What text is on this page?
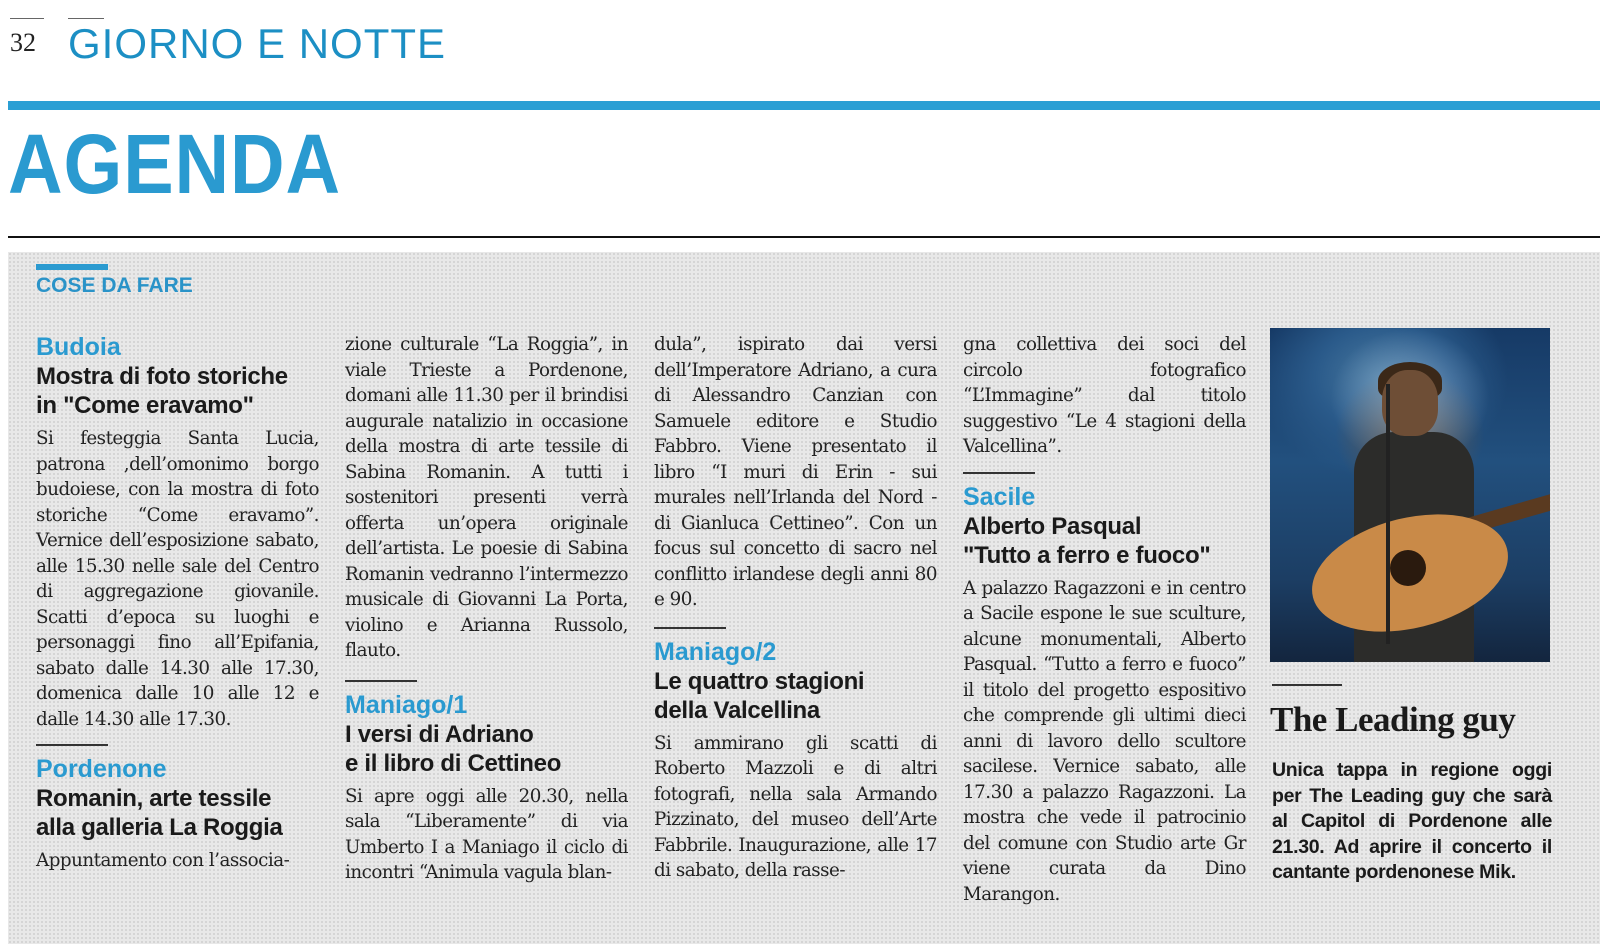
32 GIORNO E NOTTE
AGENDA
COSE DA FARE

Budoia

Mostra di foto storiche
in "Come eravamo"

Si festeggia Santa Lucia, patrona ,dell’omonimo borgo budoiese, con la mostra di foto storiche “Come eravamo”. Vernice dell’esposizione sabato, alle 15.30 nelle sale del Centro di aggregazione giovanile. Scatti d’epoca su luoghi e personaggi fino all’Epifania, sabato dalle 14.30 alle 17.30, domenica dalle 10 alle 12 e dalle 14.30 alle 17.30.

Pordenone

Romanin, arte tessile
alla galleria La Roggia

Appuntamento con l’associa-

zione culturale “La Roggia”, in viale Trieste a Pordenone, domani alle 11.30 per il brindisi augurale natalizio in occasione della mostra di arte tessile di Sabina Romanin. A tutti i sostenitori presenti verrà offerta un’opera originale dell’artista. Le poesie di Sabina Romanin vedranno l’intermezzo musicale di Giovanni La Porta, violino e Arianna Russolo, flauto.

Maniago/1

I versi di Adriano
e il libro di Cettineo

Si apre oggi alle 20.30, nella sala “Liberamente” di via Umberto I a Maniago il ciclo di incontri “Animula vagula blan-

dula”, ispirato dai versi dell’Imperatore Adriano, a cura di Alessandro Canzian con Samuele editore e Studio Fabbro. Viene presentato il libro “I muri di Erin - sui murales nell’Irlanda del Nord - di Gianluca Cettineo”. Con un focus sul concetto di sacro nel conflitto irlandese degli anni 80 e 90.

Maniago/2

Le quattro stagioni
della Valcellina

Si ammirano gli scatti di Roberto Mazzoli e di altri fotografi, nella sala Armando Pizzinato, del museo dell’Arte Fabbrile. Inaugurazione, alle 17 di sabato, della rasse-

gna collettiva dei soci del circolo fotografico “L’Immagine” dal titolo suggestivo “Le 4 stagioni della Valcellina”.

Sacile

Alberto Pasqual
"Tutto a ferro e fuoco"

A palazzo Ragazzoni e in centro a Sacile espone le sue sculture, alcune monumentali, Alberto Pasqual. “Tutto a ferro e fuoco” il titolo del progetto espositivo che comprende gli ultimi dieci anni di lavoro dello scultore sacilese. Vernice sabato, alle 17.30 a palazzo Ragazzoni. La mostra che vede il patrocinio del comune con Studio arte Gr viene curata da Dino Marangon.

The Leading guy

Unica tappa in regione oggi per The Leading guy che sarà al Capitol di Pordenone alle 21.30. Ad aprire il concerto il cantante pordenonese Mik.
